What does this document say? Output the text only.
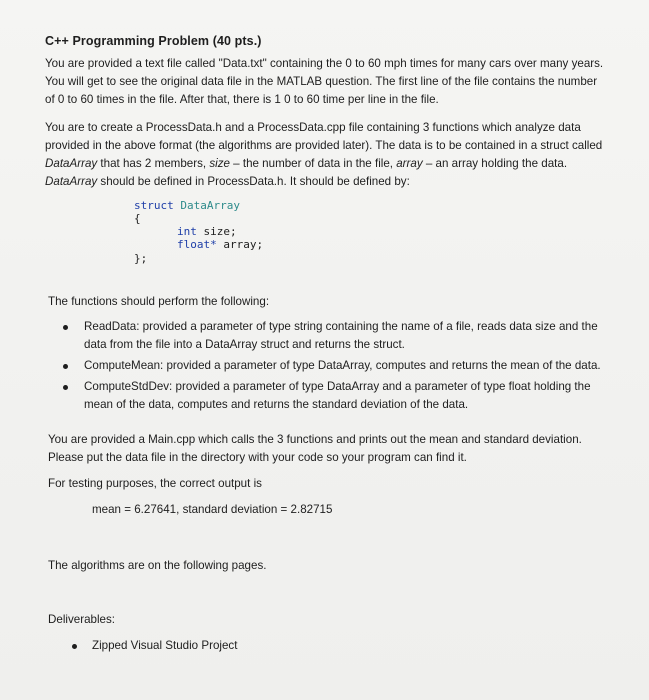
C++ Programming Problem (40 pts.)
You are provided a text file called "Data.txt" containing the 0 to 60 mph times for many cars over many years. You will get to see the original data file in the MATLAB question. The first line of the file contains the number of 0 to 60 times in the file. After that, there is 1 0 to 60 time per line in the file.
You are to create a ProcessData.h and a ProcessData.cpp file containing 3 functions which analyze data provided in the above format (the algorithms are provided later). The data is to be contained in a struct called DataArray that has 2 members, size – the number of data in the file, array – an array holding the data. DataArray should be defined in ProcessData.h. It should be defined by:
struct DataArray
{
int size;
float* array;
};
The functions should perform the following:
ReadData: provided a parameter of type string containing the name of a file, reads data size and the data from the file into a DataArray struct and returns the struct.
ComputeMean: provided a parameter of type DataArray, computes and returns the mean of the data.
ComputeStdDev: provided a parameter of type DataArray and a parameter of type float holding the mean of the data, computes and returns the standard deviation of the data.
You are provided a Main.cpp which calls the 3 functions and prints out the mean and standard deviation. Please put the data file in the directory with your code so your program can find it.
For testing purposes, the correct output is
mean = 6.27641, standard deviation = 2.82715
The algorithms are on the following pages.
Deliverables:
Zipped Visual Studio Project
